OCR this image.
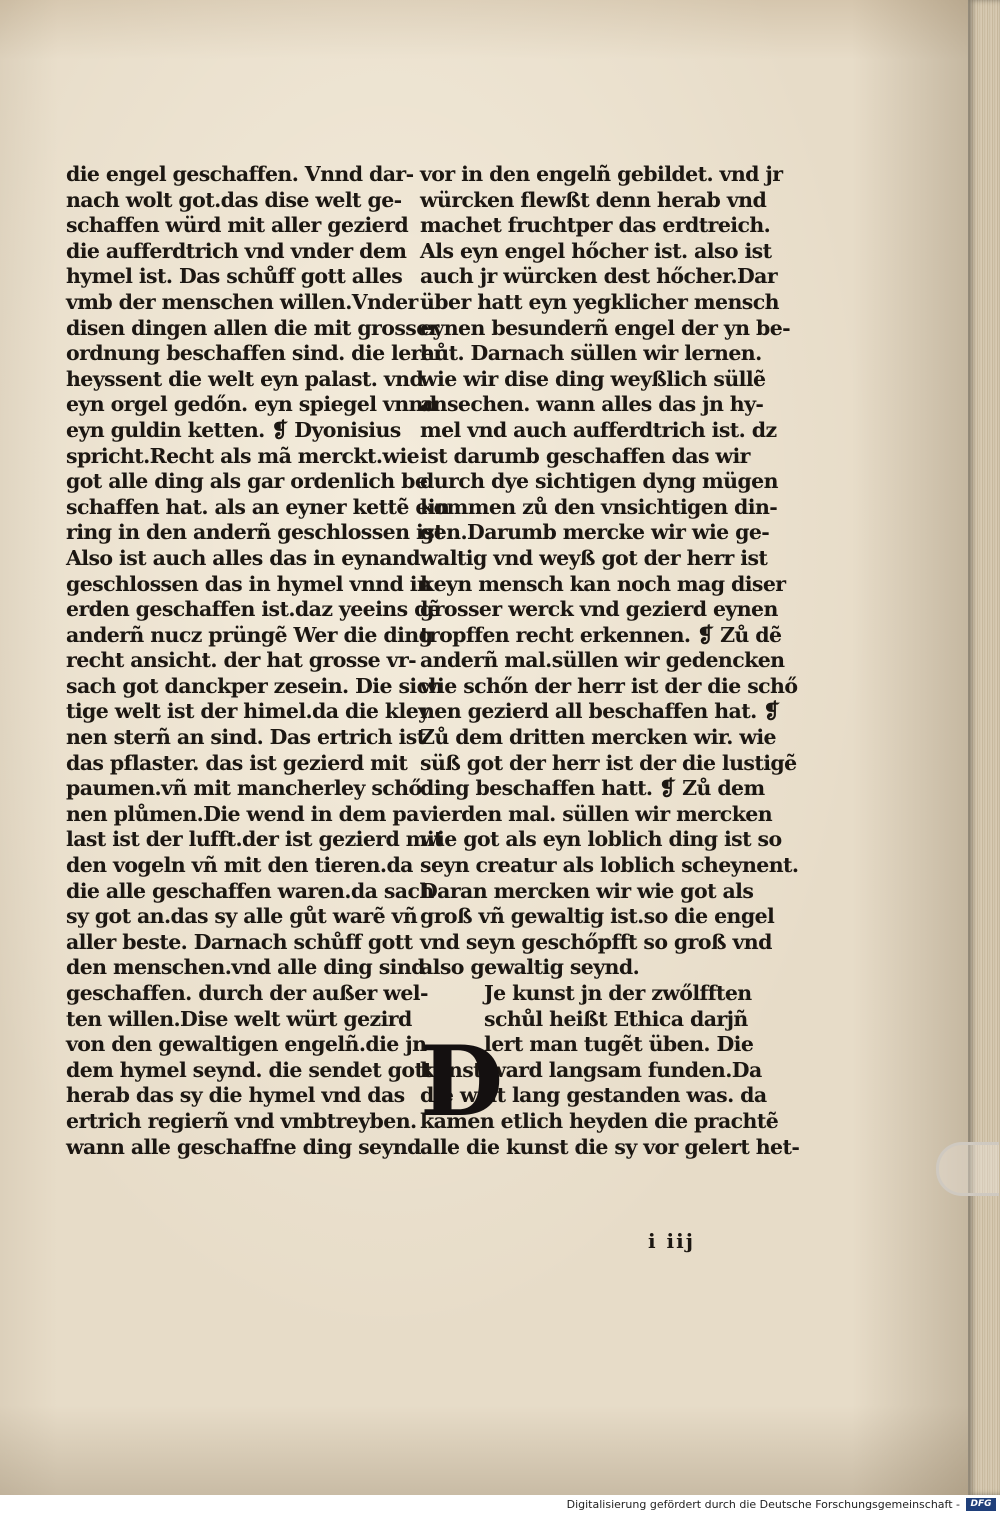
die engel geschaffen. Vnnd dar-
nach wolt got.das dise welt ge-
schaffen würd mit aller gezierd
die aufferdtrich vnd vnder dem
hymel ist. Das schůff gott alles
vmb der menschen willen.Vnder
disen dingen allen die mit grosser
ordnung beschaffen sind. die lerer
heyssent die welt eyn palast. vnd
eyn orgel gedőn. eyn spiegel vnnd
eyn guldin ketten. ❡ Dyonisius
spricht.Recht als mã merckt.wie
got alle ding als gar ordenlich be
schaffen hat. als an eyner kettẽ ein
ring in den anderñ geschlossen ist
Also ist auch alles das in eynand
geschlossen das in hymel vnnd in
erden geschaffen ist.daz yeeins dẽ
anderñ nucz prüngẽ Wer die ding
recht ansicht. der hat grosse vr-
sach got danckper zesein. Die sich
tige welt ist der himel.da die kley
nen sterñ an sind. Das ertrich ist
das pflaster. das ist gezierd mit
paumen.vñ mit mancherley schő
nen plůmen.Die wend in dem pa
last ist der lufft.der ist gezierd mit
den vogeln vñ mit den tieren.da
die alle geschaffen waren.da sach
sy got an.das sy alle gůt warẽ vñ
aller beste. Darnach schůff gott
den menschen.vnd alle ding sind
geschaffen. durch der außer wel-
ten willen.Dise welt würt gezird
von den gewaltigen engelñ.die jn
dem hymel seynd. die sendet gott
herab das sy die hymel vnd das
ertrich regierñ vnd vmbtreyben.
wann alle geschaffne ding seynd
vor in den engelñ gebildet. vnd jr
würcken flewßt denn herab vnd
machet fruchtper das erdtreich.
Als eyn engel hőcher ist. also ist
auch jr würcken dest hőcher.Dar
über hatt eyn yegklicher mensch
eynen besunderñ engel der yn be-
hůt. Darnach süllen wir lernen.
wie wir dise ding weyßlich süllẽ
ansechen. wann alles das jn hy-
mel vnd auch aufferdtrich ist. dz
ist darumb geschaffen das wir
durch dye sichtigen dyng mügen
kommen zů den vnsichtigen din-
gen.Darumb mercke wir wie ge-
waltig vnd weyß got der herr ist
keyn mensch kan noch mag diser
grosser werck vnd gezierd eynen
tropffen recht erkennen. ❡ Zů dẽ
anderñ mal.süllen wir gedencken
wie schőn der herr ist der die schő
nen gezierd all beschaffen hat. ❡
Zů dem dritten mercken wir. wie
süß got der herr ist der die lustigẽ
ding beschaffen hatt. ❡ Zů dem
vierden mal. süllen wir mercken
wie got als eyn loblich ding ist so
seyn creatur als loblich scheynent.
Daran mercken wir wie got als
groß vñ gewaltig ist.so die engel
vnd seyn geschőpfft so groß vnd
also gewaltig seynd.
Je kunst jn der zwőlfften
schůl heißt Ethica darjñ
lert man tugẽt üben. Die
kunst ward langsam funden.Da
die welt lang gestanden was. da
kamen etlich heyden die prachtẽ
alle die kunst die sy vor gelert het-
D
i iij
Digitalisierung gefördert durch die Deutsche Forschungsgemeinschaft -	DFG
